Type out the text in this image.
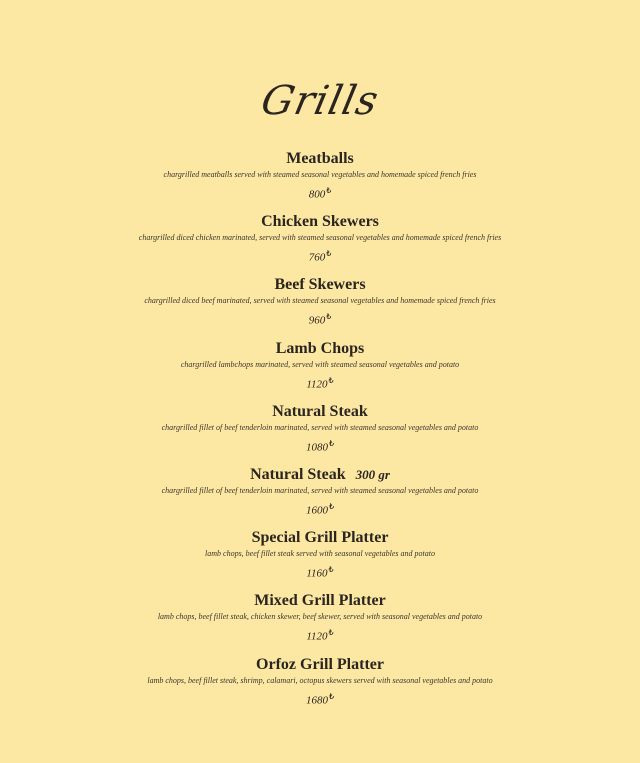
Grills
Meatballs
chargrilled meatballs served with steamed seasonal vegetables and homemade spiced french fries
800₺
Chicken Skewers
chargrilled diced chicken marinated, served with steamed seasonal vegetables and homemade spiced french fries
760₺
Beef Skewers
chargrilled diced beef marinated, served with steamed seasonal vegetables and homemade spiced french fries
960₺
Lamb Chops
chargrilled lambchops marinated, served with steamed seasonal vegetables and potato
1120₺
Natural Steak
chargrilled fillet of beef tenderloin marinated, served with steamed seasonal vegetables and potato
1080₺
Natural Steak 300 gr
chargrilled fillet of beef tenderloin marinated, served with steamed seasonal vegetables and potato
1600₺
Special Grill Platter
lamb chops, beef fillet steak served with seasonal vegetables and potato
1160₺
Mixed Grill Platter
lamb chops, beef fillet steak, chicken skewer, beef skewer, served with seasonal vegetables and potato
1120₺
Orfoz Grill Platter
lamb chops, beef fillet steak, shrimp, calamari, octopus skewers served with seasonal vegetables and potato
1680₺
